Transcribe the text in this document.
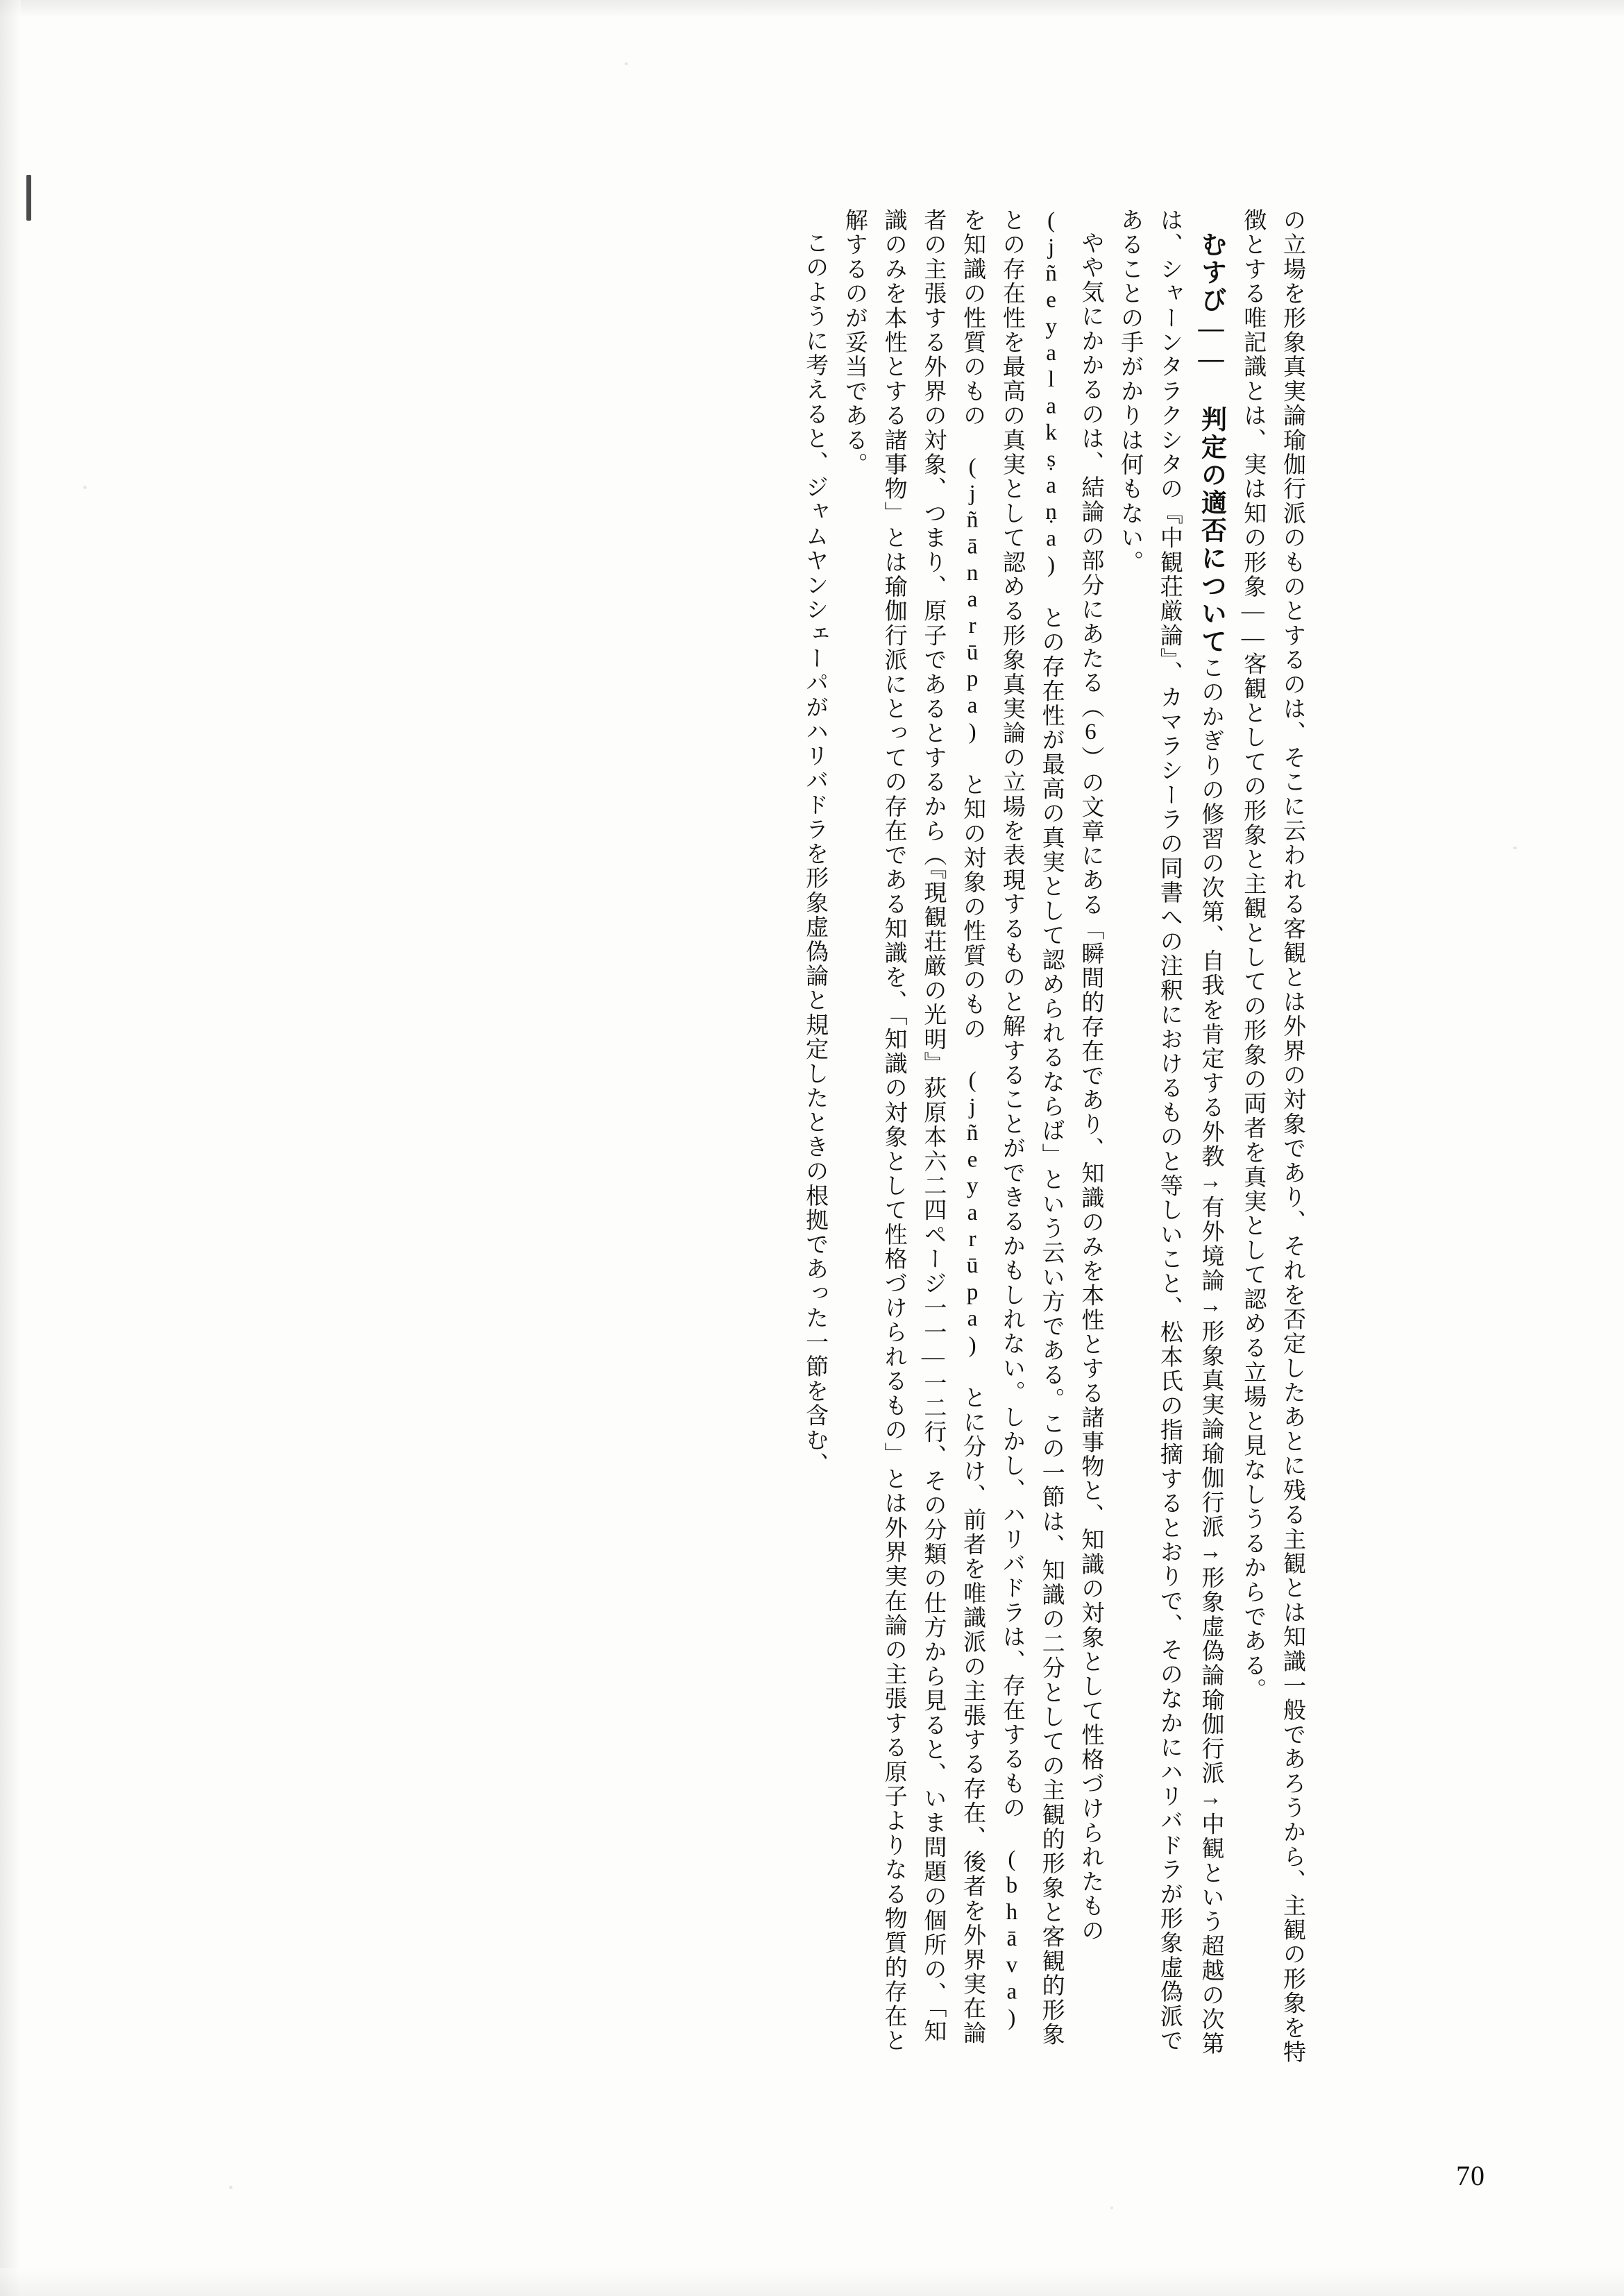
の立場を形象真実論瑜伽行派のものとするのは、そこに云われる客観とは外界の対象であり、それを否定したあとに残る主観とは知識一般であろうから、主観の形象を特徴とする唯記識とは、実は知の形象——客観としての形象と主観としての形象の両者を真実として認める立場と見なしうるからである。

むすび—— 判定の適否についてこのかぎりの修習の次第、自我を肯定する外教→有外境論→形象真実論瑜伽行派→形象虚偽論瑜伽行派→中観という超越の次第は、シャーンタラクシタの『中観荘厳論』、カマラシーラの同書への注釈におけるものと等しいこと、松本氏の指摘するとおりで、そのなかにハリバドラが形象虚偽派であることの手がかりは何もない。

やや気にかかるのは、結論の部分にあたる（6）の文章にある「瞬間的存在であり、知識のみを本性とする諸事物と、知識の対象として性格づけられたもの (jñeyalakṣaṇa) との存在性が最高の真実として認められるならば」という云い方である。この一節は、知識の二分としての主観的形象と客観的形象との存在性を最高の真実として認める形象真実論の立場を表現するものと解することができるかもしれない。しかし、ハリバドラは、存在するもの (bhāva) を知識の性質のもの (jñānarūpa) と知の対象の性質のもの (jñeyarūpa) とに分け、前者を唯識派の主張する存在、後者を外界実在論者の主張する外界の対象、つまり、原子であるとするから（『現観荘厳の光明』荻原本六二四ページ一一—一二行、その分類の仕方から見ると、いま問題の個所の、「知識のみを本性とする諸事物」とは瑜伽行派にとっての存在である知識を、「知識の対象として性格づけられるもの」とは外界実在論の主張する原子よりなる物質的存在と解するのが妥当である。

このように考えると、ジャムヤンシェーパがハリバドラを形象虚偽論と規定したときの根拠であった一節を含む、

70
